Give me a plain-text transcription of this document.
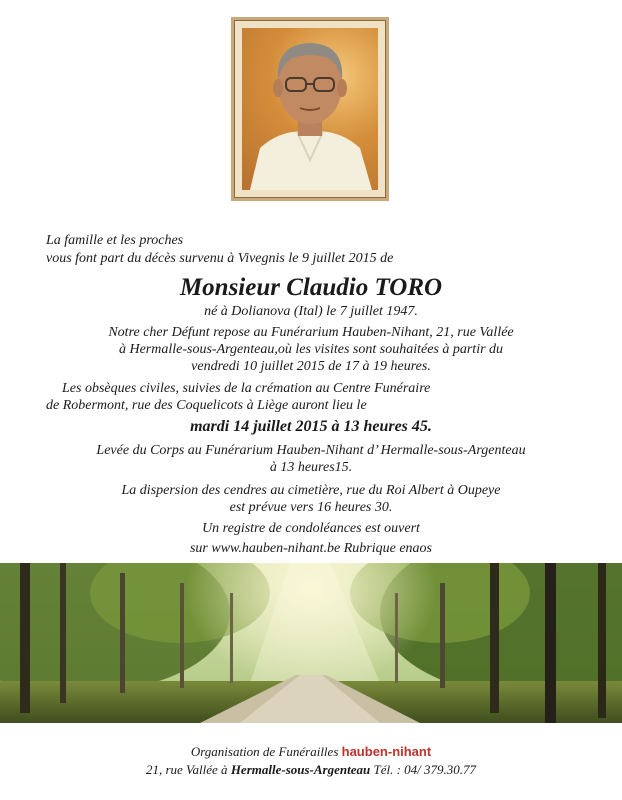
La famille et les proches
vous font part du décès survenu à Vivegnis le 9 juillet 2015 de
Monsieur Claudio TORO
né à Dolianova (Ital) le 7 juillet 1947.
Notre cher Défunt repose au Funérarium Hauben-Nihant, 21, rue Vallée
à Hermalle-sous-Argenteau,où les visites sont souhaitées à partir du
vendredi 10 juillet 2015 de 17 à 19 heures.
Les obsèques civiles, suivies de la crémation au Centre Funéraire
de Robermont, rue des Coquelicots à Liège auront lieu le
mardi 14 juillet 2015 à 13 heures 45.
Levée du Corps au Funérarium Hauben-Nihant d’ Hermalle-sous-Argenteau
à 13 heures15.
La dispersion des cendres au cimetière, rue du Roi Albert à Oupeye
est prévue vers 16 heures 30.
Un registre de condoléances est ouvert
sur www.hauben-nihant.be Rubrique enaos
Organisation de Funérailles hauben-nihant
21, rue Vallée à Hermalle-sous-Argenteau Tél. : 04/ 379.30.77
